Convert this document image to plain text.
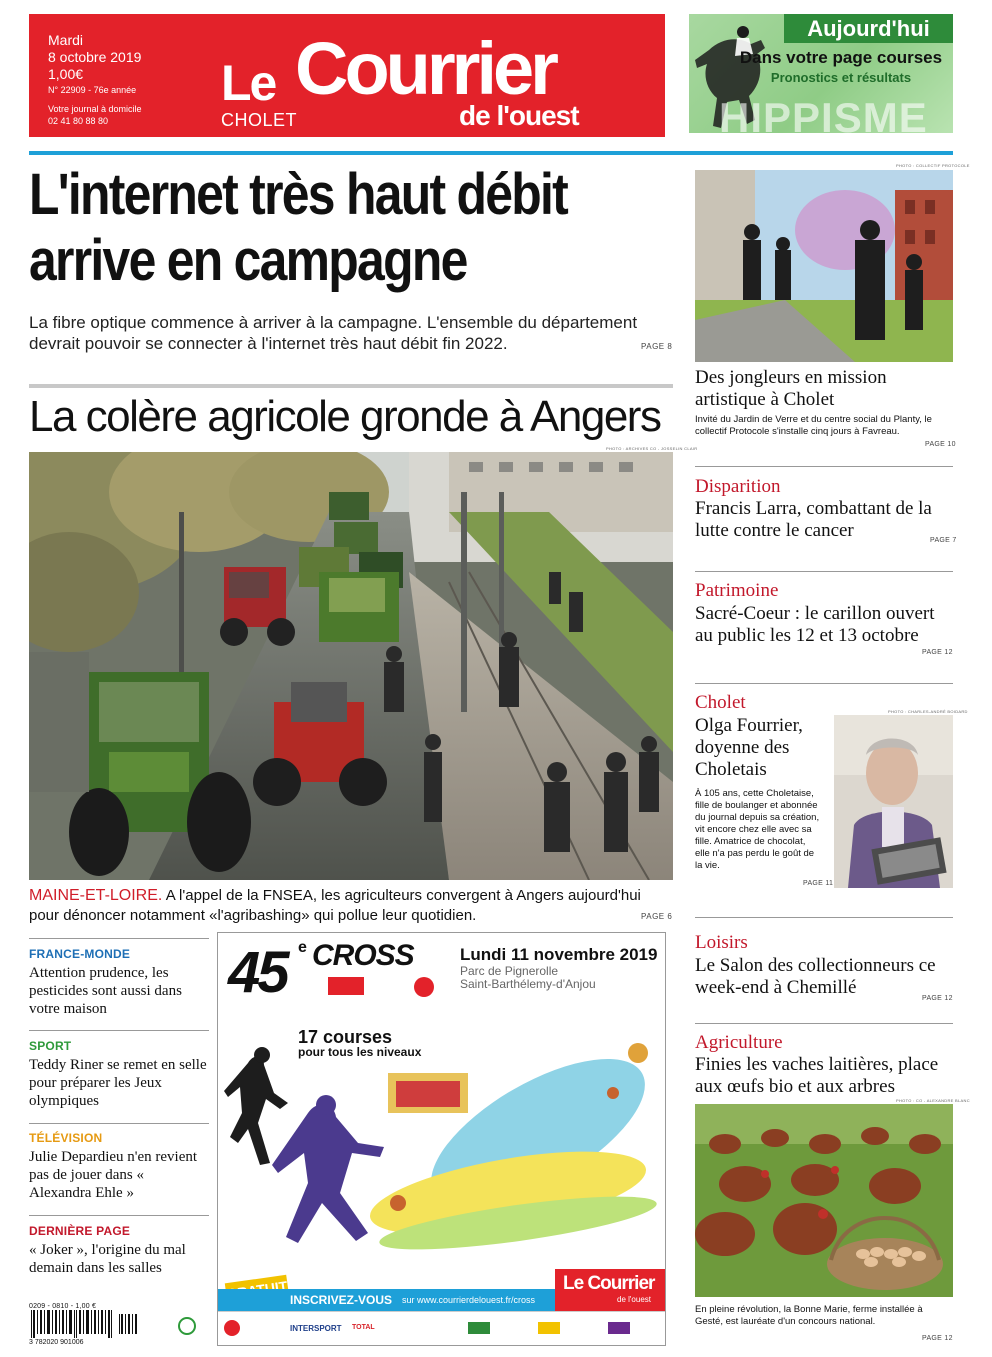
Mardi
8 octobre 2019
1,00€
N° 22909 - 76e année
Votre journal à domicile
02 41 80 88 80
Le Courrier
de l'ouest
CHOLET
Aujourd'hui
Dans votre page courses
Pronostics et résultats
HIPPISME
L'internet très haut débit
arrive en campagne
La fibre optique commence à arriver à la campagne. L'ensemble du département devrait pouvoir se connecter à l'internet très haut débit fin 2022.	PAGE 8
La colère agricole gronde à Angers
PHOTO : ARCHIVES CO - JOSSELIN CLAIR
MAINE-ET-LOIRE. A l'appel de la FNSEA, les agriculteurs convergent à Angers aujourd'hui pour dénoncer notamment «l'agribashing» qui pollue leur quotidien.	PAGE 6
FRANCE-MONDE
Attention prudence, les pesticides sont aussi dans votre maison
SPORT
Teddy Riner se remet en selle pour préparer les Jeux olympiques
TÉLÉVISION
Julie Depardieu n'en revient pas de jouer dans « Alexandra Ehle »
DERNIÈRE PAGE
« Joker », l'origine du mal demain dans les salles
45 e CROSS	Lundi 11 novembre 2019
Parc de Pignerolle
Saint-Barthélemy-d'Anjou
17 courses
pour tous les niveaux
INSCRIVEZ-VOUS sur www.courrierdelouest.fr/cross
Le Courrier
de l'ouest
INTERSPORT TOTAL
PHOTO : COLLECTIF PROTOCOLE
Des jongleurs en mission artistique à Cholet
Invité du Jardin de Verre et du centre social du Planty, le collectif Protocole s'installe cinq jours à Favreau.
PAGE 10
Disparition
Francis Larra, combattant de la lutte contre le cancer	PAGE 7
Patrimoine
Sacré-Coeur : le carillon ouvert au public les 12 et 13 octobre
PAGE 12
Cholet
Olga Fourrier, doyenne des Choletais
PHOTO : CHARLES-ANDRÉ BOIDARD
À 105 ans, cette Choletaise, fille de boulanger et abonnée du journal depuis sa création, vit encore chez elle avec sa fille. Amatrice de chocolat, elle n'a pas perdu le goût de la vie.
PAGE 11
Loisirs
Le Salon des collectionneurs ce week-end à Chemillé
PAGE 12
Agriculture
Finies les vaches laitières, place aux œufs bio et aux arbres
PHOTO : CO - ALEXANDRE BLANC
En pleine révolution, la Bonne Marie, ferme installée à Gesté, est lauréate d'un concours national.
PAGE 12
0209 - 0810 - 1,00 €
3 782020 901006
